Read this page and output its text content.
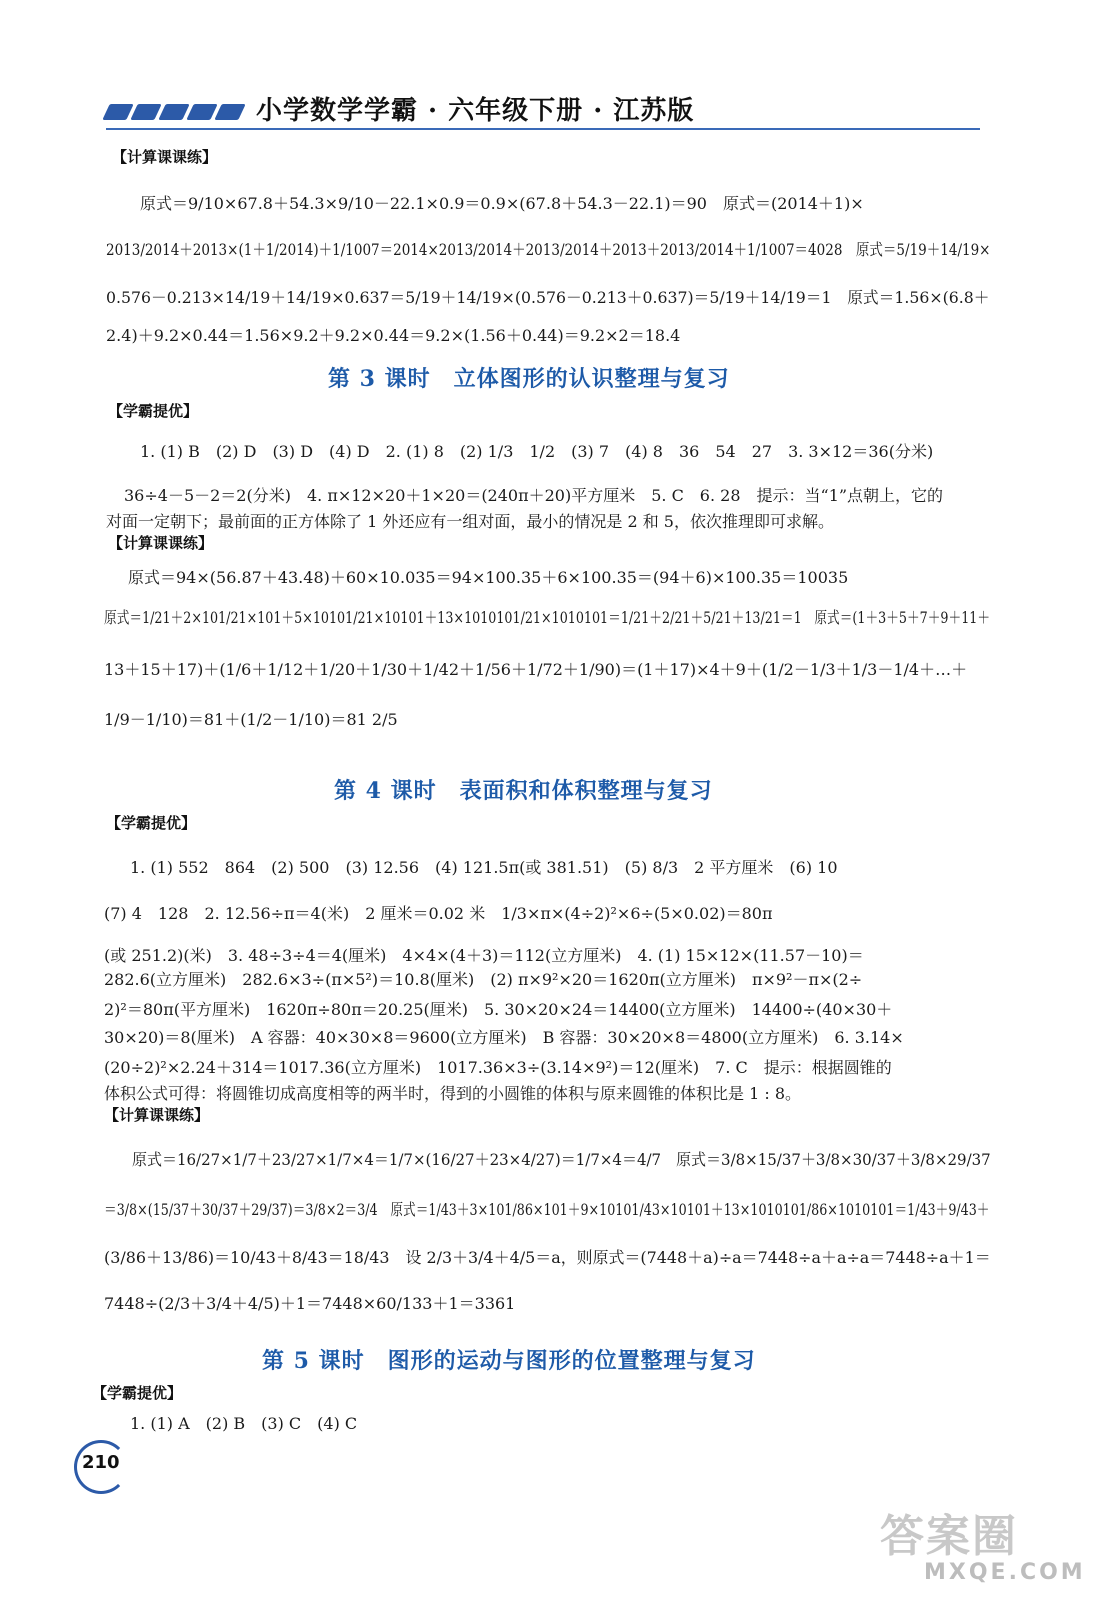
小学数学学霸 · 六年级下册 · 江苏版
【计算课课练】
原式＝9/10×67.8＋54.3×9/10－22.1×0.9＝0.9×(67.8＋54.3－22.1)＝90　原式＝(2014＋1)×
2013/2014＋2013×(1＋1/2014)＋1/1007＝2014×2013/2014＋2013/2014＋2013＋2013/2014＋1/1007＝4028　原式＝5/19＋14/19×
0.576－0.213×14/19＋14/19×0.637＝5/19＋14/19×(0.576－0.213＋0.637)＝5/19＋14/19＝1　原式＝1.56×(6.8＋
2.4)＋9.2×0.44＝1.56×9.2＋9.2×0.44＝9.2×(1.56＋0.44)＝9.2×2＝18.4
第 3 课时　立体图形的认识整理与复习
【学霸提优】
1. (1) B　(2) D　(3) D　(4) D　2. (1) 8　(2) 1/3　1/2　(3) 7　(4) 8　36　54　27　3. 3×12＝36(分米)
36÷4－5－2＝2(分米)　4. π×12×20＋1×20＝(240π＋20)平方厘米　5. C　6. 28　提示：当“1”点朝上，它的
对面一定朝下；最前面的正方体除了 1 外还应有一组对面，最小的情况是 2 和 5，依次推理即可求解。
【计算课课练】
原式＝94×(56.87＋43.48)＋60×10.035＝94×100.35＋6×100.35＝(94＋6)×100.35＝10035
原式＝1/21＋2×101/21×101＋5×10101/21×10101＋13×1010101/21×1010101＝1/21＋2/21＋5/21＋13/21＝1　原式＝(1＋3＋5＋7＋9＋11＋
13＋15＋17)＋(1/6＋1/12＋1/20＋1/30＋1/42＋1/56＋1/72＋1/90)＝(1＋17)×4＋9＋(1/2－1/3＋1/3－1/4＋…＋
1/9－1/10)＝81＋(1/2－1/10)＝81 2/5
第 4 课时　表面积和体积整理与复习
【学霸提优】
1. (1) 552　864　(2) 500　(3) 12.56　(4) 121.5π(或 381.51)　(5) 8/3　2 平方厘米　(6) 10
(7) 4　128　2. 12.56÷π＝4(米)　2 厘米＝0.02 米　1/3×π×(4÷2)²×6÷(5×0.02)＝80π
(或 251.2)(米)　3. 48÷3÷4＝4(厘米)　4×4×(4＋3)＝112(立方厘米)　4. (1) 15×12×(11.57－10)＝
282.6(立方厘米)　282.6×3÷(π×5²)＝10.8(厘米)　(2) π×9²×20＝1620π(立方厘米)　π×9²－π×(2÷
2)²＝80π(平方厘米)　1620π÷80π＝20.25(厘米)　5. 30×20×24＝14400(立方厘米)　14400÷(40×30＋
30×20)＝8(厘米)　A 容器：40×30×8＝9600(立方厘米)　B 容器：30×20×8＝4800(立方厘米)　6. 3.14×
(20÷2)²×2.24＋314＝1017.36(立方厘米)　1017.36×3÷(3.14×9²)＝12(厘米)　7. C　提示：根据圆锥的
体积公式可得：将圆锥切成高度相等的两半时，得到的小圆锥的体积与原来圆锥的体积比是 1 : 8。
【计算课课练】
原式＝16/27×1/7＋23/27×1/7×4＝1/7×(16/27＋23×4/27)＝1/7×4＝4/7　原式＝3/8×15/37＋3/8×30/37＋3/8×29/37
＝3/8×(15/37＋30/37＋29/37)＝3/8×2＝3/4　原式＝1/43＋3×101/86×101＋9×10101/43×10101＋13×1010101/86×1010101＝1/43＋9/43＋
(3/86＋13/86)＝10/43＋8/43＝18/43　设 2/3＋3/4＋4/5＝a，则原式＝(7448＋a)÷a＝7448÷a＋a÷a＝7448÷a＋1＝
7448÷(2/3＋3/4＋4/5)＋1＝7448×60/133＋1＝3361
第 5 课时　图形的运动与图形的位置整理与复习
【学霸提优】
1. (1) A　(2) B　(3) C　(4) C
210
答案圈
MXQE.COM
